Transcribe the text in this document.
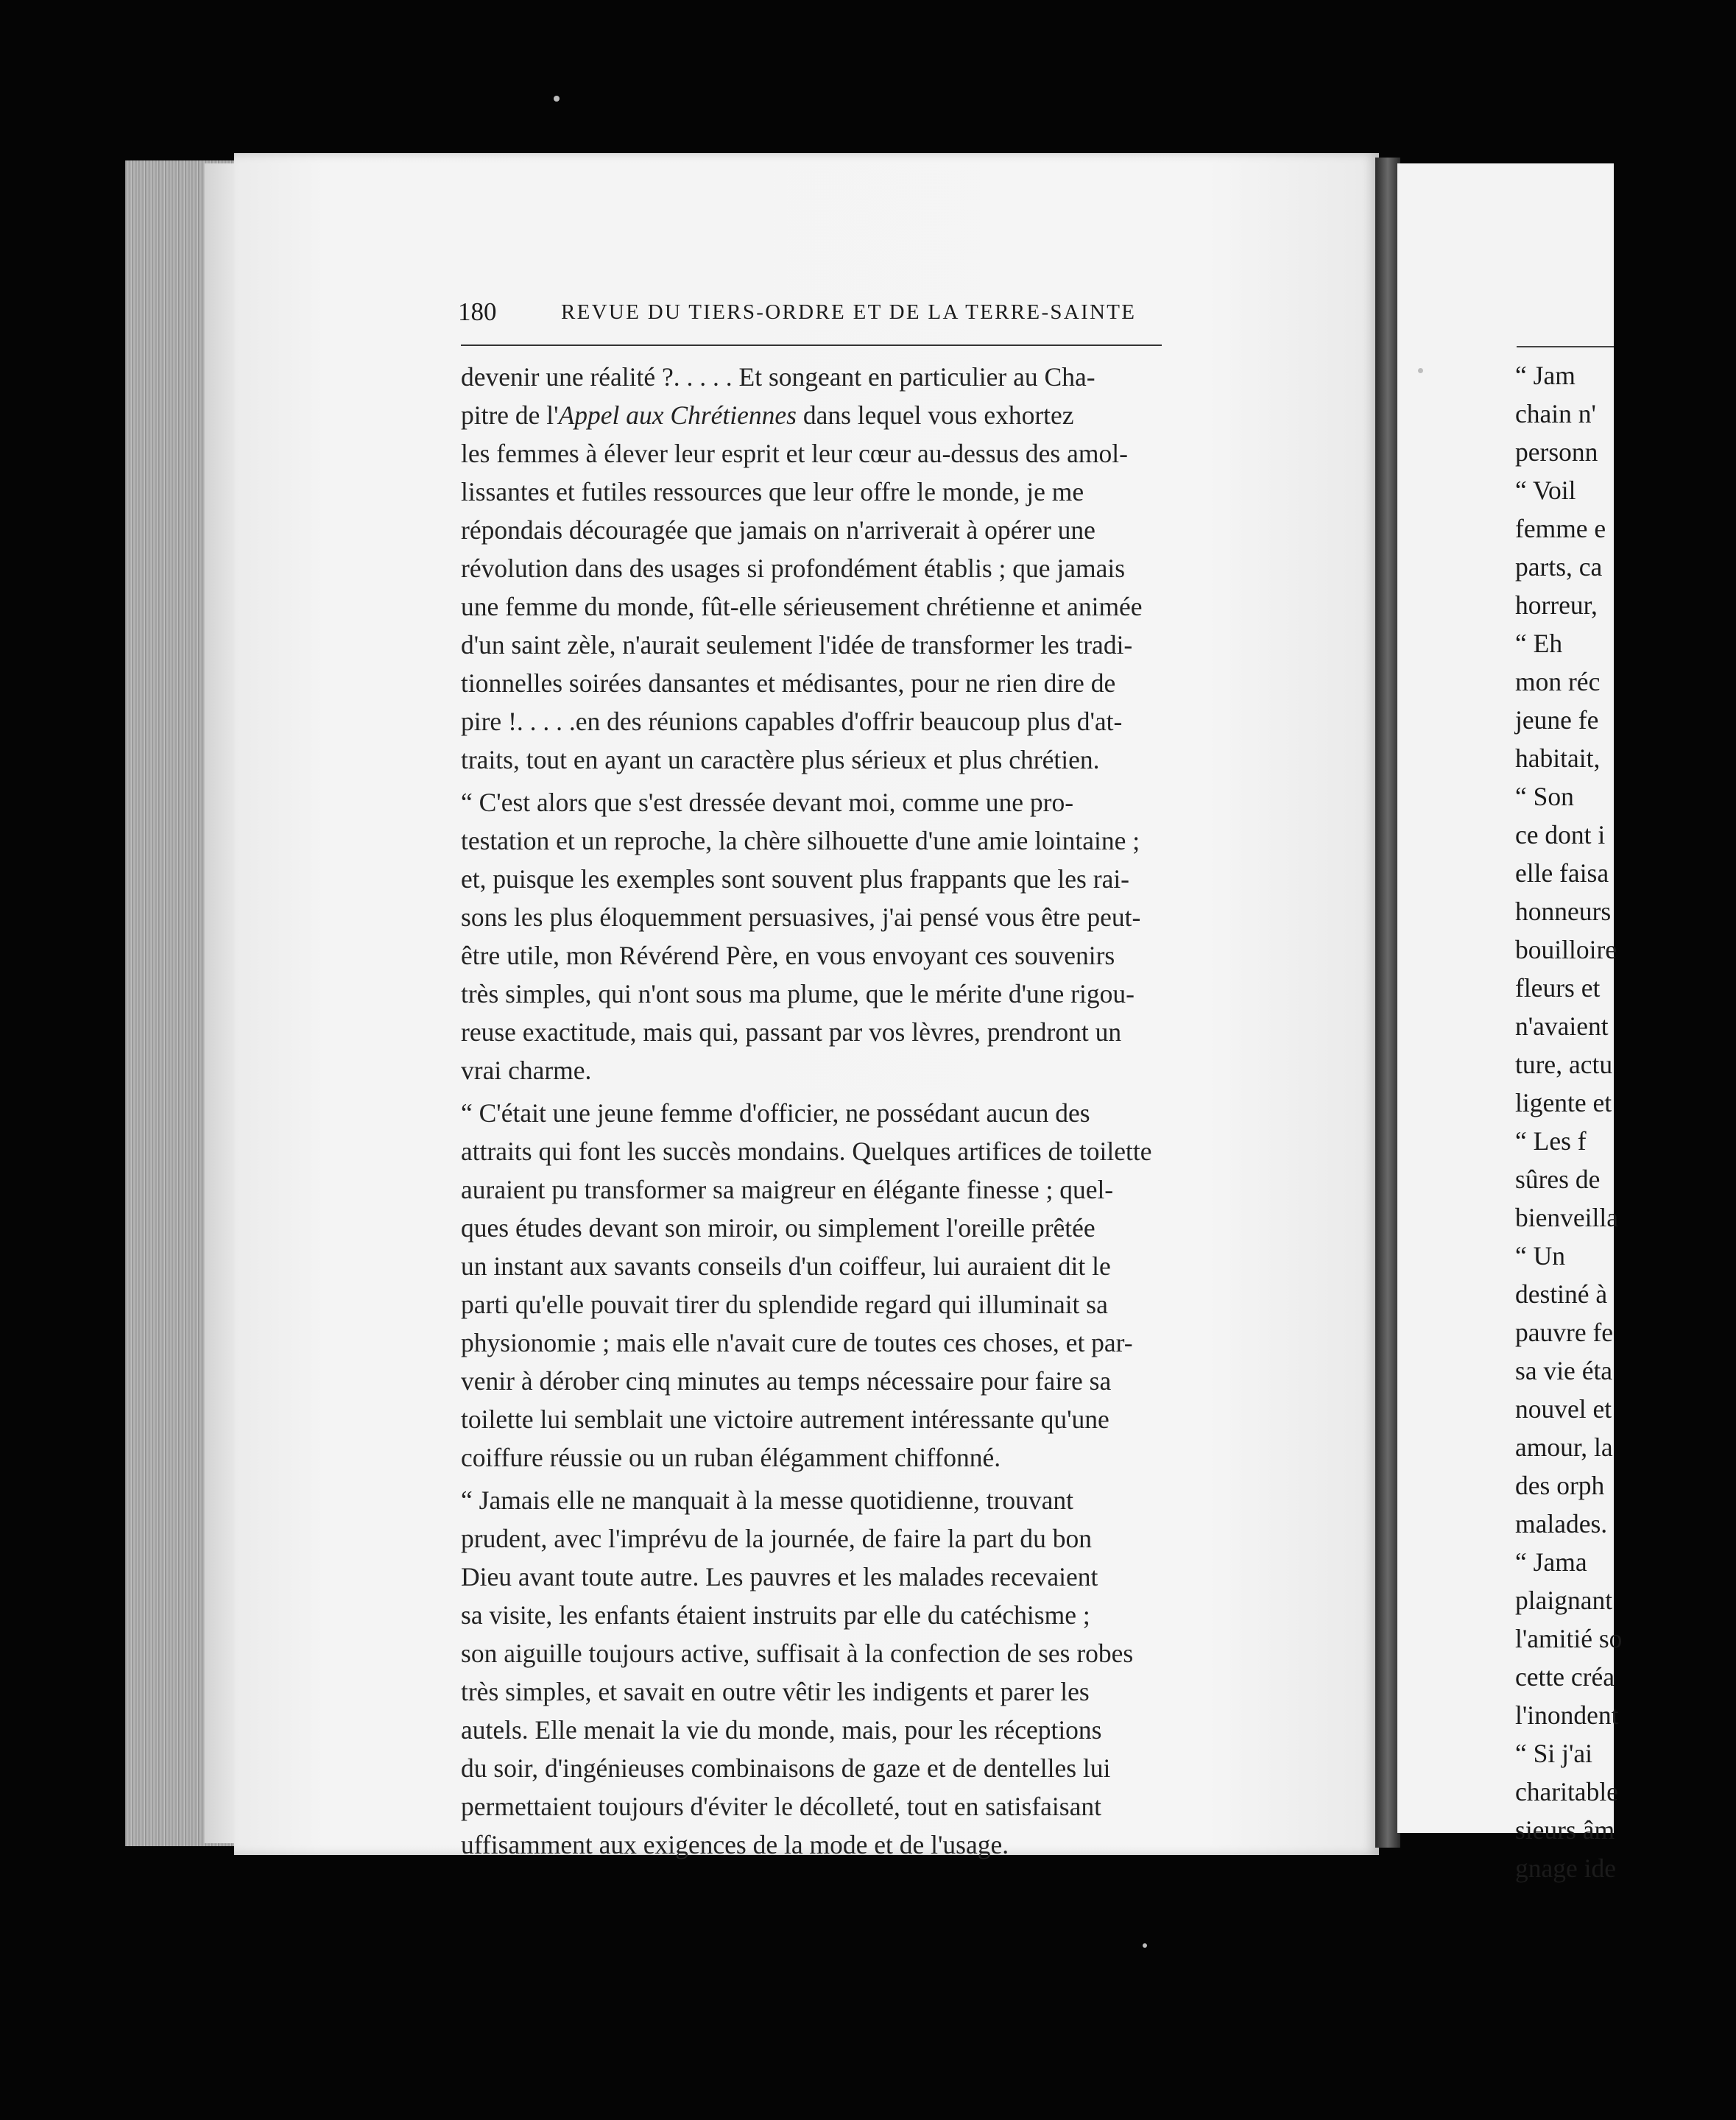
“ Jam
chain n'
personn
“ Voil
femme e
parts, ca
horreur,
“ Eh
mon réc
jeune fe
habitait,
“ Son
ce dont i
elle faisa
honneurs
bouilloire
fleurs et
n'avaient
ture, actu
ligente et
“ Les f
sûres de
bienveilla
“ Un
destiné à
pauvre fe
sa vie éta
nouvel et
amour, la
des orph
malades.
“ Jama
plaignant
l'amitié so
cette créa
l'inondent
“ Si j'ai
charitable
sieurs âm
gnage ide
180	REVUE DU TIERS-ORDRE ET DE LA TERRE-SAINTE
devenir une réalité ?. . . . . Et songeant en particulier au Cha-
pitre de l'Appel aux Chrétiennes dans lequel vous exhortez
les femmes à élever leur esprit et leur cœur au-dessus des amol-
lissantes et futiles ressources que leur offre le monde, je me
répondais découragée que jamais on n'arriverait à opérer une
révolution dans des usages si profondément établis ; que jamais
une femme du monde, fût-elle sérieusement chrétienne et animée
d'un saint zèle, n'aurait seulement l'idée de transformer les tradi-
tionnelles soirées dansantes et médisantes, pour ne rien dire de
pire !. . . . .en des réunions capables d'offrir beaucoup plus d'at-
traits, tout en ayant un caractère plus sérieux et plus chrétien.
“ C'est alors que s'est dressée devant moi, comme une pro-
testation et un reproche, la chère silhouette d'une amie lointaine ;
et, puisque les exemples sont souvent plus frappants que les rai-
sons les plus éloquemment persuasives, j'ai pensé vous être peut-
être utile, mon Révérend Père, en vous envoyant ces souvenirs
très simples, qui n'ont sous ma plume, que le mérite d'une rigou-
reuse exactitude, mais qui, passant par vos lèvres, prendront un
vrai charme.
“ C'était une jeune femme d'officier, ne possédant aucun des
attraits qui font les succès mondains. Quelques artifices de toilette
auraient pu transformer sa maigreur en élégante finesse ; quel-
ques études devant son miroir, ou simplement l'oreille prêtée
un instant aux savants conseils d'un coiffeur, lui auraient dit le
parti qu'elle pouvait tirer du splendide regard qui illuminait sa
physionomie ; mais elle n'avait cure de toutes ces choses, et par-
venir à dérober cinq minutes au temps nécessaire pour faire sa
toilette lui semblait une victoire autrement intéressante qu'une
coiffure réussie ou un ruban élégamment chiffonné.
“ Jamais elle ne manquait à la messe quotidienne, trouvant
prudent, avec l'imprévu de la journée, de faire la part du bon
Dieu avant toute autre. Les pauvres et les malades recevaient
sa visite, les enfants étaient instruits par elle du catéchisme ;
son aiguille toujours active, suffisait à la confection de ses robes
très simples, et savait en outre vêtir les indigents et parer les
autels. Elle menait la vie du monde, mais, pour les réceptions
du soir, d'ingénieuses combinaisons de gaze et de dentelles lui
permettaient toujours d'éviter le décolleté, tout en satisfaisant
uffisamment aux exigences de la mode et de l'usage.
